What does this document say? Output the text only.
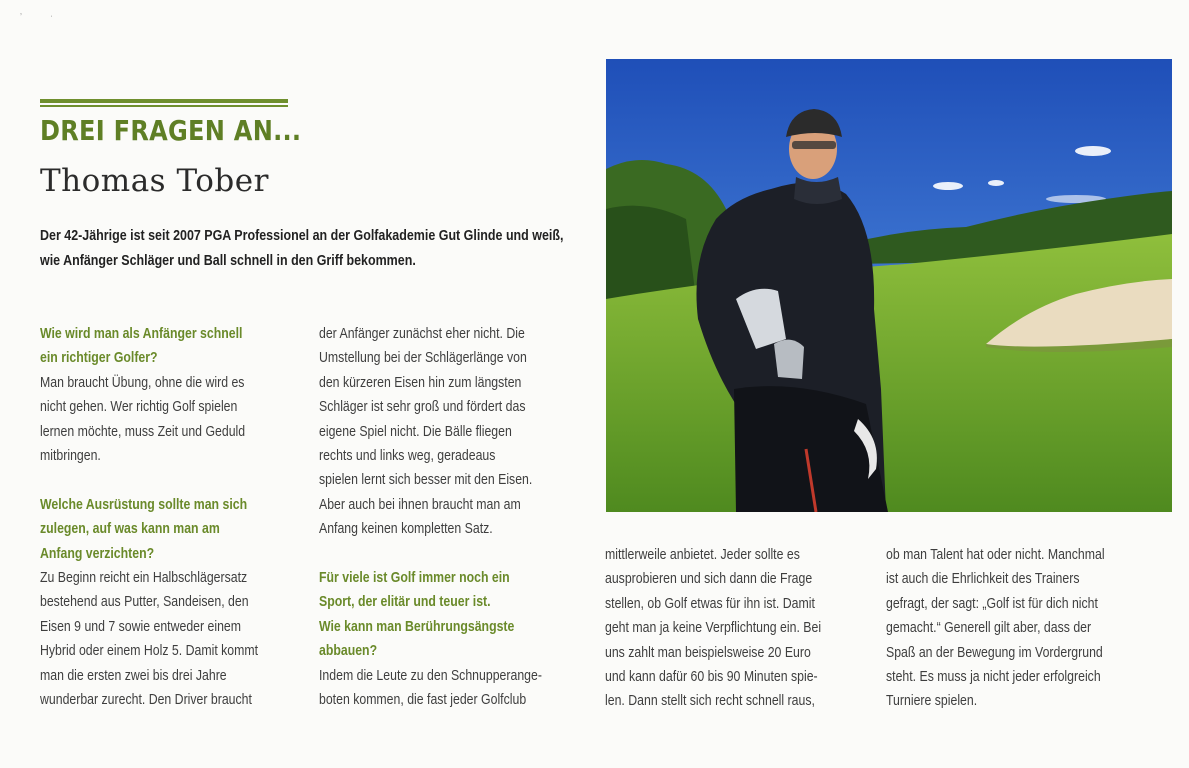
DREI FRAGEN AN...
Thomas Tober

Der 42-Jährige ist seit 2007 PGA Professionel an der Golfakademie Gut Glinde und weiß, wie Anfänger Schläger und Ball schnell in den Griff bekommen.

Wie wird man als Anfänger schnell
ein richtiger Golfer?

Man braucht Übung, ohne die wird es
nicht gehen. Wer richtig Golf spielen
lernen möchte, muss Zeit und Geduld
mitbringen.

Welche Ausrüstung sollte man sich
zulegen, auf was kann man am
Anfang verzichten?

Zu Beginn reicht ein Halbschlägersatz
bestehend aus Putter, Sandeisen, den
Eisen 9 und 7 sowie entweder einem
Hybrid oder einem Holz 5. Damit kommt
man die ersten zwei bis drei Jahre
wunderbar zurecht. Den Driver braucht

der Anfänger zunächst eher nicht. Die
Umstellung bei der Schlägerlänge von
den kürzeren Eisen hin zum längsten
Schläger ist sehr groß und fördert das
eigene Spiel nicht. Die Bälle fliegen
rechts und links weg, geradeaus
spielen lernt sich besser mit den Eisen.
Aber auch bei ihnen braucht man am
Anfang keinen kompletten Satz.

Für viele ist Golf immer noch ein
Sport, der elitär und teuer ist.
Wie kann man Berührungsängste
abbauen?

Indem die Leute zu den Schnupperange-
boten kommen, die fast jeder Golfclub

mittlerweile anbietet. Jeder sollte es
ausprobieren und sich dann die Frage
stellen, ob Golf etwas für ihn ist. Damit
geht man ja keine Verpflichtung ein. Bei
uns zahlt man beispielsweise 20 Euro
und kann dafür 60 bis 90 Minuten spie-
len. Dann stellt sich recht schnell raus,

ob man Talent hat oder nicht. Manchmal
ist auch die Ehrlichkeit des Trainers
gefragt, der sagt: „Golf ist für dich nicht
gemacht.“ Generell gilt aber, dass der
Spaß an der Bewegung im Vordergrund
steht. Es muss ja nicht jeder erfolgreich
Turniere spielen.

ʼ	ˈ
